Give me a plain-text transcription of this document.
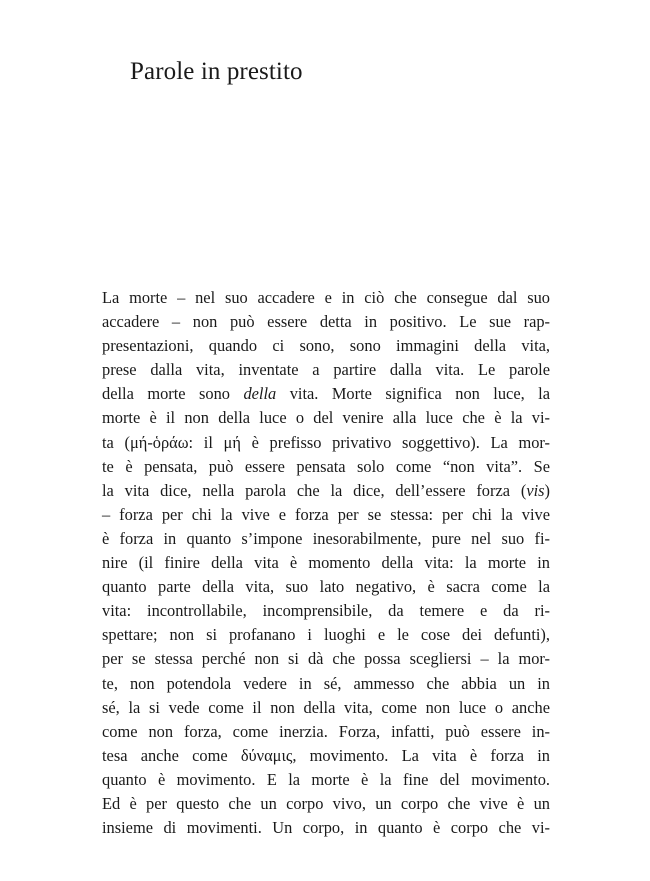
Parole in prestito
La morte – nel suo accadere e in ciò che consegue dal suo
accadere – non può essere detta in positivo. Le sue rap-
presentazioni, quando ci sono, sono immagini della vita,
prese dalla vita, inventate a partire dalla vita. Le parole
della morte sono della vita. Morte significa non luce, la
morte è il non della luce o del venire alla luce che è la vi-
ta (μή-ὁράω: il μή è prefisso privativo soggettivo). La mor-
te è pensata, può essere pensata solo come “non vita”. Se
la vita dice, nella parola che la dice, dell’essere forza (vis)
– forza per chi la vive e forza per se stessa: per chi la vive
è forza in quanto s’impone inesorabilmente, pure nel suo fi-
nire (il finire della vita è momento della vita: la morte in
quanto parte della vita, suo lato negativo, è sacra come la
vita: incontrollabile, incomprensibile, da temere e da ri-
spettare; non si profanano i luoghi e le cose dei defunti),
per se stessa perché non si dà che possa scegliersi – la mor-
te, non potendola vedere in sé, ammesso che abbia un in
sé, la si vede come il non della vita, come non luce o anche
come non forza, come inerzia. Forza, infatti, può essere in-
tesa anche come δύναμις, movimento. La vita è forza in
quanto è movimento. E la morte è la fine del movimento.
Ed è per questo che un corpo vivo, un corpo che vive è un
insieme di movimenti. Un corpo, in quanto è corpo che vi-
